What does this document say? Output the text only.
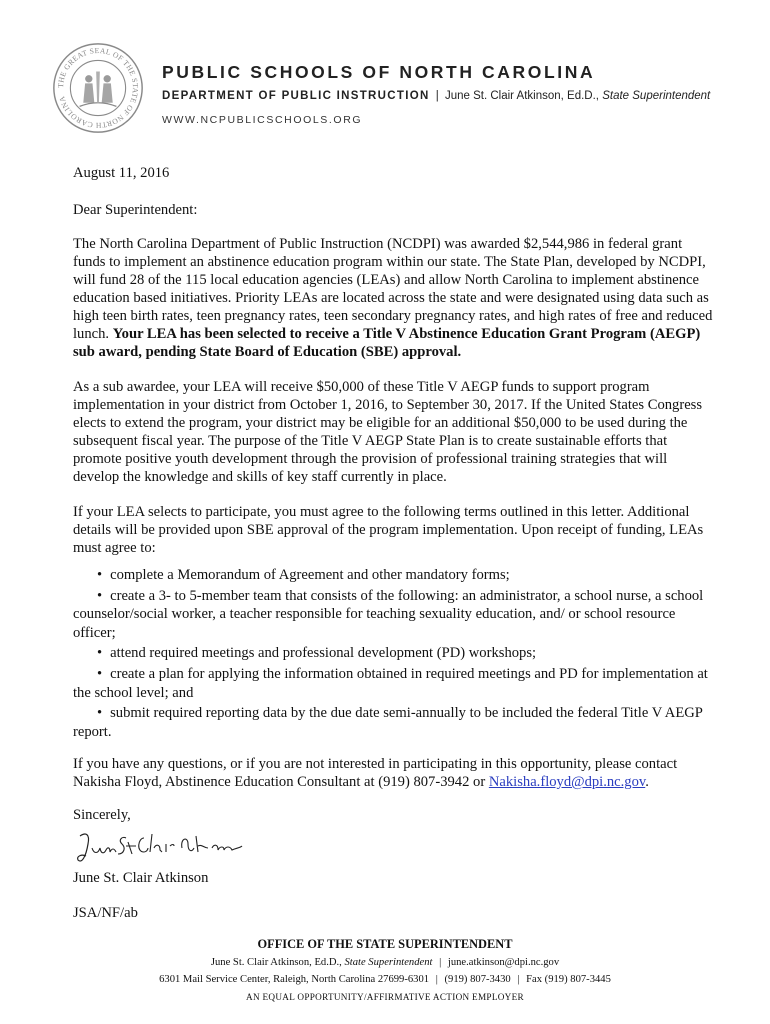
THE GREAT SEAL OF THE STATE OF NORTH CAROLINA
PUBLIC SCHOOLS OF NORTH CAROLINA
DEPARTMENT OF PUBLIC INSTRUCTION | June St. Clair Atkinson, Ed.D., State Superintendent
WWW.NCPUBLICSCHOOLS.ORG

August 11, 2016

Dear Superintendent:

The North Carolina Department of Public Instruction (NCDPI) was awarded $2,544,986 in federal grant funds to implement an abstinence education program within our state. The State Plan, developed by NCDPI, will fund 28 of the 115 local education agencies (LEAs) and allow North Carolina to implement abstinence education based initiatives. Priority LEAs are located across the state and were designated using data such as high teen birth rates, teen pregnancy rates, teen secondary pregnancy rates, and high rates of free and reduced lunch. Your LEA has been selected to receive a Title V Abstinence Education Grant Program (AEGP) sub award, pending State Board of Education (SBE) approval.

As a sub awardee, your LEA will receive $50,000 of these Title V AEGP funds to support program implementation in your district from October 1, 2016, to September 30, 2017. If the United States Congress elects to extend the program, your district may be eligible for an additional $50,000 to be used during the subsequent fiscal year. The purpose of the Title V AEGP State Plan is to create sustainable efforts that promote positive youth development through the provision of professional training strategies that will develop the knowledge and skills of key staff currently in place.

If your LEA selects to participate, you must agree to the following terms outlined in this letter. Additional details will be provided upon SBE approval of the program implementation. Upon receipt of funding, LEAs must agree to:

• complete a Memorandum of Agreement and other mandatory forms;
• create a 3- to 5-member team that consists of the following: an administrator, a school nurse, a school counselor/social worker, a teacher responsible for teaching sexuality education, and/ or school resource officer;
• attend required meetings and professional development (PD) workshops;
• create a plan for applying the information obtained in required meetings and PD for implementation at the school level; and
• submit required reporting data by the due date semi-annually to be included the federal Title V AEGP report.

If you have any questions, or if you are not interested in participating in this opportunity, please contact Nakisha Floyd, Abstinence Education Consultant at (919) 807-3942 or Nakisha.floyd@dpi.nc.gov.

Sincerely,

June St. Clair Atkinson

JSA/NF/ab

OFFICE OF THE STATE SUPERINTENDENT
June St. Clair Atkinson, Ed.D., State Superintendent | june.atkinson@dpi.nc.gov
6301 Mail Service Center, Raleigh, North Carolina 27699-6301 | (919) 807-3430 | Fax (919) 807-3445
AN EQUAL OPPORTUNITY/AFFIRMATIVE ACTION EMPLOYER
